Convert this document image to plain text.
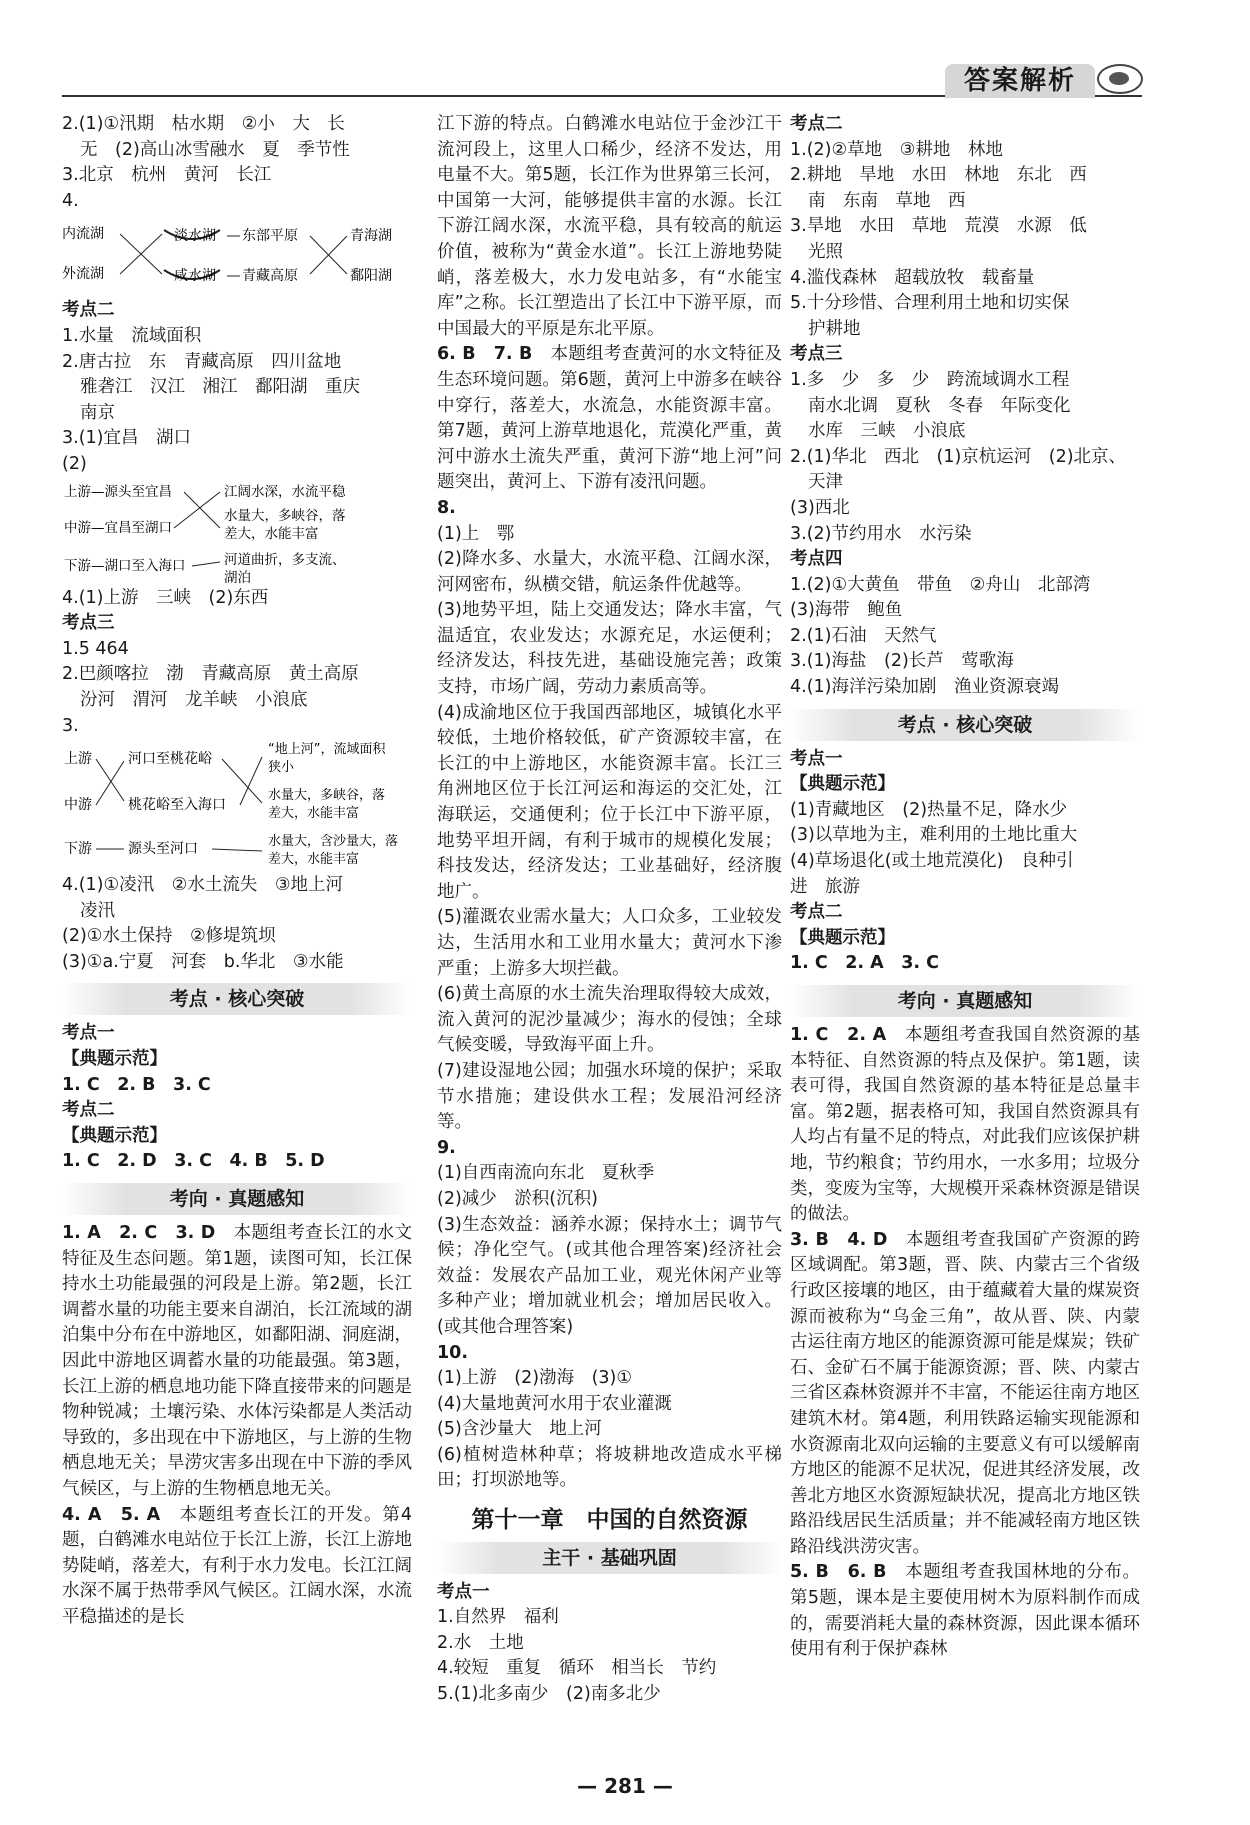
答案解析

2.(1)①汛期　枯水期　②小　大　长

无　(2)高山冰雪融水　夏　季节性

3.北京　杭州　黄河　长江

4.

内流湖
外流湖
淡水湖
咸水湖
东部平原
青藏高原
青海湖
鄱阳湖

考点二

1.水量　流域面积

2.唐古拉　东　青藏高原　四川盆地

雅砻江　汉江　湘江　鄱阳湖　重庆

南京

3.(1)宜昌　湖口

(2)

上游—源头至宜昌
中游—宜昌至湖口
下游—湖口至入海口
江阔水深，水流平稳
水量大，多峡谷，落
差大，水能丰富
河道曲折，多支流、
湖泊

4.(1)上游　三峡　(2)东西

考点三

1.5 464

2.巴颜喀拉　渤　青藏高原　黄土高原

汾河　渭河　龙羊峡　小浪底

3.

上游
中游
下游
河口至桃花峪
桃花峪至入海口
源头至河口
“地上河”，流域面积
狭小
水量大，多峡谷，落
差大，水能丰富
水量大，含沙量大，落
差大，水能丰富

4.(1)①凌汛　②水土流失　③地上河

凌汛

(2)①水土保持　②修堤筑坝

(3)①a.宁夏　河套　b.华北　③水能

考点 · 核心突破

考点一

【典题示范】

1. C　2. B　3. C

考点二

【典题示范】

1. C　2. D　3. C　4. B　5. D

考向 · 真题感知

1. A　2. C　3. D　本题组考查长江的水文特征及生态问题。第1题，读图可知，长江保持水土功能最强的河段是上游。第2题，长江调蓄水量的功能主要来自湖泊，长江流域的湖泊集中分布在中游地区，如鄱阳湖、洞庭湖，因此中游地区调蓄水量的功能最强。第3题，长江上游的栖息地功能下降直接带来的问题是物种锐减；土壤污染、水体污染都是人类活动导致的，多出现在中下游地区，与上游的生物栖息地无关；旱涝灾害多出现在中下游的季风气候区，与上游的生物栖息地无关。

4. A　5. A　本题组考查长江的开发。第4题，白鹤滩水电站位于长江上游，长江上游地势陡峭，落差大，有利于水力发电。长江江阔水深不属于热带季风气候区。江阔水深，水流平稳描述的是长

江下游的特点。白鹤滩水电站位于金沙江干流河段上，这里人口稀少，经济不发达，用电量不大。第5题，长江作为世界第三长河，中国第一大河，能够提供丰富的水源。长江下游江阔水深，水流平稳，具有较高的航运价值，被称为“黄金水道”。长江上游地势陡峭，落差极大，水力发电站多，有“水能宝库”之称。长江塑造出了长江中下游平原，而中国最大的平原是东北平原。

6. B　7. B　本题组考查黄河的水文特征及生态环境问题。第6题，黄河上中游多在峡谷中穿行，落差大，水流急，水能资源丰富。第7题，黄河上游草地退化，荒漠化严重，黄河中游水土流失严重，黄河下游“地上河”问题突出，黄河上、下游有凌汛问题。

8.

(1)上　鄂

(2)降水多、水量大，水流平稳、江阔水深，河网密布，纵横交错，航运条件优越等。

(3)地势平坦，陆上交通发达；降水丰富，气温适宜，农业发达；水源充足，水运便利；经济发达，科技先进，基础设施完善；政策支持，市场广阔，劳动力素质高等。

(4)成渝地区位于我国西部地区，城镇化水平较低，土地价格较低，矿产资源较丰富，在长江的中上游地区，水能资源丰富。长江三角洲地区位于长江河运和海运的交汇处，江海联运，交通便利；位于长江中下游平原，地势平坦开阔，有利于城市的规模化发展；科技发达，经济发达；工业基础好，经济腹地广。

(5)灌溉农业需水量大；人口众多，工业较发达，生活用水和工业用水量大；黄河水下渗严重；上游多大坝拦截。

(6)黄土高原的水土流失治理取得较大成效，流入黄河的泥沙量减少；海水的侵蚀；全球气候变暖，导致海平面上升。

(7)建设湿地公园；加强水环境的保护；采取节水措施；建设供水工程；发展沿河经济等。

9.

(1)自西南流向东北　夏秋季

(2)减少　淤积(沉积)

(3)生态效益：涵养水源；保持水土；调节气候；净化空气。(或其他合理答案)经济社会效益：发展农产品加工业，观光休闲产业等多种产业；增加就业机会；增加居民收入。(或其他合理答案)

10.

(1)上游　(2)渤海　(3)①

(4)大量地黄河水用于农业灌溉

(5)含沙量大　地上河

(6)植树造林种草；将坡耕地改造成水平梯田；打坝淤地等。

第十一章　中国的自然资源
主干 · 基础巩固

考点一

1.自然界　福利

2.水　土地

4.较短　重复　循环　相当长　节约

5.(1)北多南少　(2)南多北少

考点二

1.(2)②草地　③耕地　林地

2.耕地　旱地　水田　林地　东北　西

南　东南　草地　西

3.旱地　水田　草地　荒漠　水源　低

光照

4.滥伐森林　超载放牧　载畜量

5.十分珍惜、合理利用土地和切实保

护耕地

考点三

1.多　少　多　少　跨流域调水工程

南水北调　夏秋　冬春　年际变化

水库　三峡　小浪底

2.(1)华北　西北　(1)京杭运河　(2)北京、

天津

(3)西北

3.(2)节约用水　水污染

考点四

1.(2)①大黄鱼　带鱼　②舟山　北部湾

(3)海带　鲍鱼

2.(1)石油　天然气

3.(1)海盐　(2)长芦　莺歌海

4.(1)海洋污染加剧　渔业资源衰竭

考点 · 核心突破

考点一

【典题示范】

(1)青藏地区　(2)热量不足，降水少

(3)以草地为主，难利用的土地比重大

(4)草场退化(或土地荒漠化)　良种引

进　旅游

考点二

【典题示范】

1. C　2. A　3. C

考向 · 真题感知

1. C　2. A　本题组考查我国自然资源的基本特征、自然资源的特点及保护。第1题，读表可得，我国自然资源的基本特征是总量丰富。第2题，据表格可知，我国自然资源具有人均占有量不足的特点，对此我们应该保护耕地，节约粮食；节约用水，一水多用；垃圾分类，变废为宝等，大规模开采森林资源是错误的做法。

3. B　4. D　本题组考查我国矿产资源的跨区域调配。第3题，晋、陕、内蒙古三个省级行政区接壤的地区，由于蕴藏着大量的煤炭资源而被称为“乌金三角”，故从晋、陕、内蒙古运往南方地区的能源资源可能是煤炭；铁矿石、金矿石不属于能源资源；晋、陕、内蒙古三省区森林资源并不丰富，不能运往南方地区建筑木材。第4题，利用铁路运输实现能源和水资源南北双向运输的主要意义有可以缓解南方地区的能源不足状况，促进其经济发展，改善北方地区水资源短缺状况，提高北方地区铁路沿线居民生活质量；并不能减轻南方地区铁路沿线洪涝灾害。

5. B　6. B　本题组考查我国林地的分布。第5题，课本是主要使用树木为原料制作而成的，需要消耗大量的森林资源，因此课本循环使用有利于保护森林

— 281 —
